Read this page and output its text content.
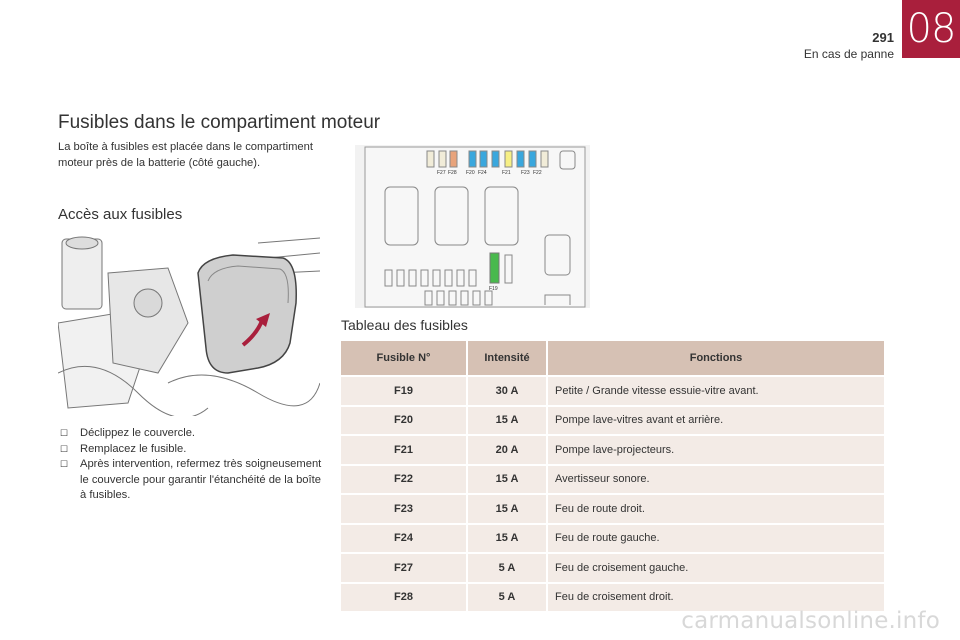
291
En cas de panne
08
Fusibles dans le compartiment moteur
La boîte à fusibles est placée dans le compartiment moteur près de la batterie (côté gauche).
Accès aux fusibles
☐ Déclippez le couvercle.
☐ Remplacez le fusible.
☐ Après intervention, refermez très soigneusement le couvercle pour garantir l'étanchéité de la boîte à fusibles.
F27 F28 F20 F24	F21 F23 F22
F19
Tableau des fusibles
Fusible N°	Intensité	Fonctions
F19	30 A	Petite / Grande vitesse essuie-vitre avant.
F20	15 A	Pompe lave-vitres avant et arrière.
F21	20 A	Pompe lave-projecteurs.
F22	15 A	Avertisseur sonore.
F23	15 A	Feu de route droit.
F24	15 A	Feu de route gauche.
F27	5 A	Feu de croisement gauche.
F28	5 A	Feu de croisement droit.
carmanualsonline.info
